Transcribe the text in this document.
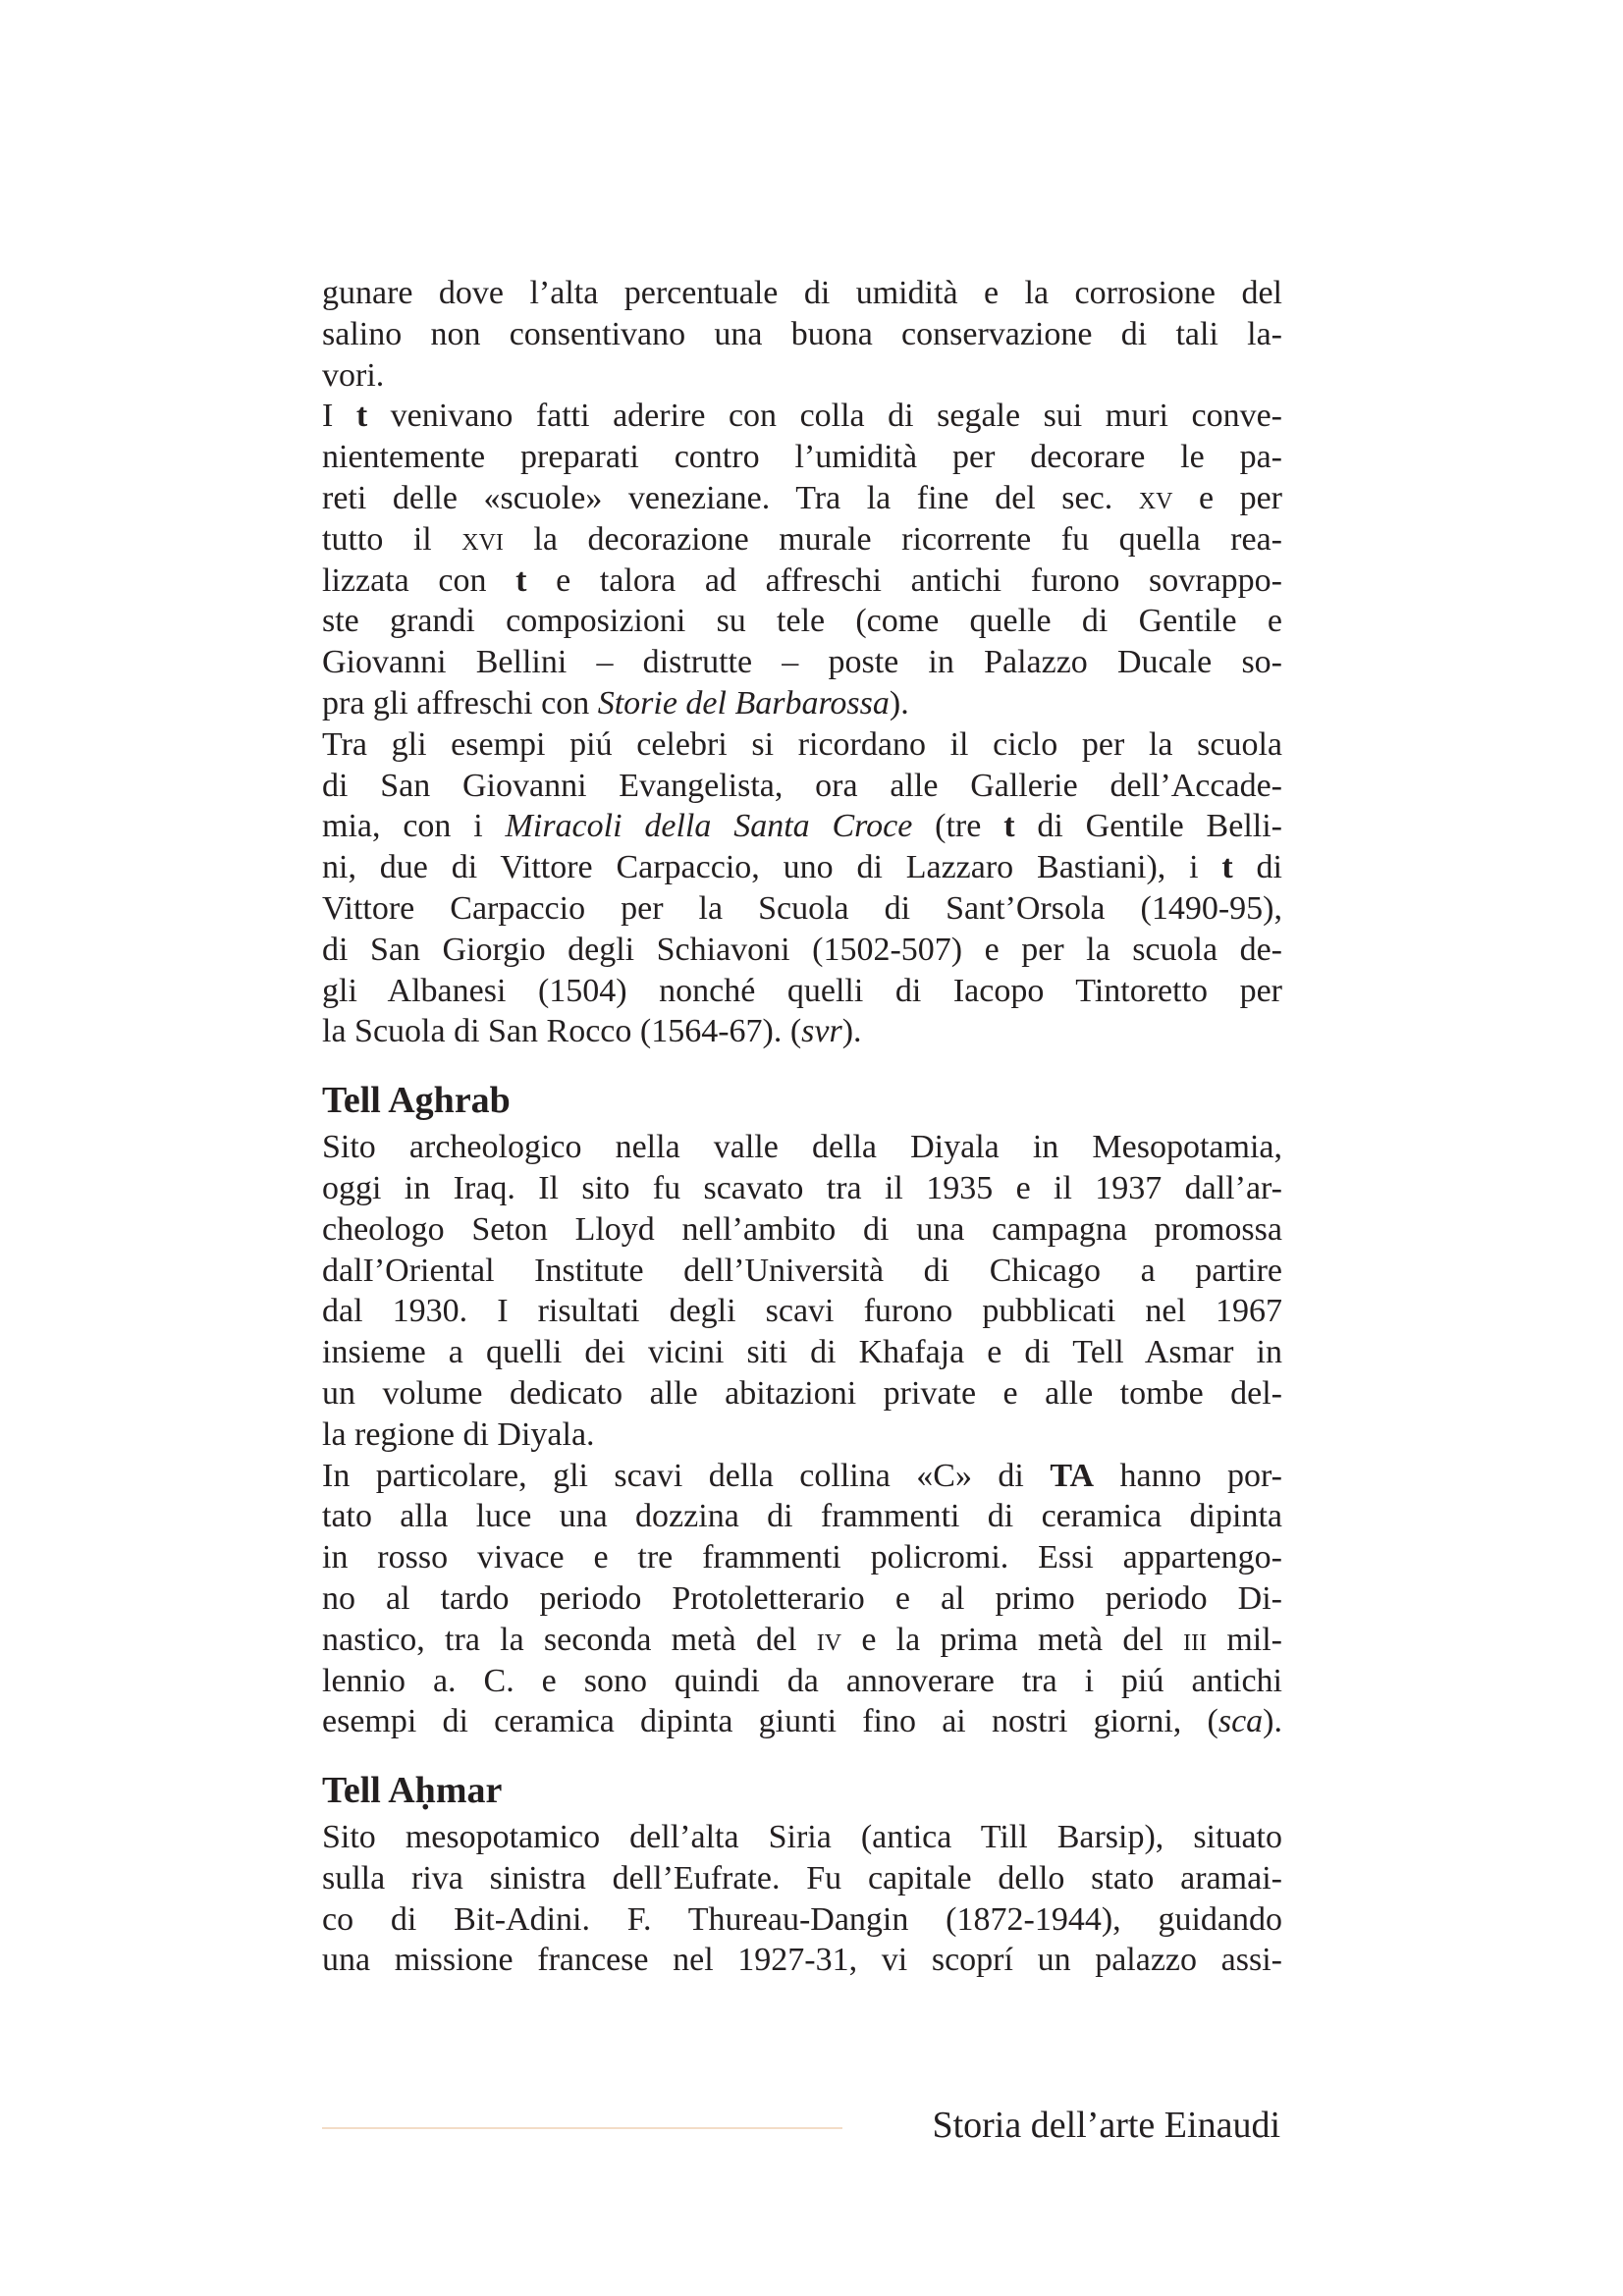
gunare dove l’alta percentuale di umidità e la corrosione del
salino non consentivano una buona conservazione di tali la-
vori.
I t venivano fatti aderire con colla di segale sui muri conve-
nientemente preparati contro l’umidità per decorare le pa-
reti delle «scuole» veneziane. Tra la fine del sec. xv e per
tutto il xvi la decorazione murale ricorrente fu quella rea-
lizzata con t e talora ad affreschi antichi furono sovrappo-
ste grandi composizioni su tele (come quelle di Gentile e
Giovanni Bellini – distrutte – poste in Palazzo Ducale so-
pra gli affreschi con Storie del Barbarossa).
Tra gli esempi piú celebri si ricordano il ciclo per la scuola
di San Giovanni Evangelista, ora alle Gallerie dell’Accade-
mia, con i Miracoli della Santa Croce (tre t di Gentile Belli-
ni, due di Vittore Carpaccio, uno di Lazzaro Bastiani), i t di
Vittore Carpaccio per la Scuola di Sant’Orsola (1490-95),
di San Giorgio degli Schiavoni (1502-507) e per la scuola de-
gli Albanesi (1504) nonché quelli di Iacopo Tintoretto per
la Scuola di San Rocco (1564-67). (svr).
Tell Aghrab
Sito archeologico nella valle della Diyala in Mesopotamia,
oggi in Iraq. Il sito fu scavato tra il 1935 e il 1937 dall’ar-
cheologo Seton Lloyd nell’ambito di una campagna promossa
dalI’Oriental Institute dell’Università di Chicago a partire
dal 1930. I risultati degli scavi furono pubblicati nel 1967
insieme a quelli dei vicini siti di Khafaja e di Tell Asmar in
un volume dedicato alle abitazioni private e alle tombe del-
la regione di Diyala.
In particolare, gli scavi della collina «C» di TA hanno por-
tato alla luce una dozzina di frammenti di ceramica dipinta
in rosso vivace e tre frammenti policromi. Essi appartengo-
no al tardo periodo Protoletterario e al primo periodo Di-
nastico, tra la seconda metà del iv e la prima metà del iii mil-
lennio a. C. e sono quindi da annoverare tra i piú antichi
esempi di ceramica dipinta giunti fino ai nostri giorni, (sca).
Tell Aḥmar
Sito mesopotamico dell’alta Siria (antica Till Barsip), situato
sulla riva sinistra dell’Eufrate. Fu capitale dello stato aramai-
co di Bit-Adini. F. Thureau-Dangin (1872-1944), guidando
una missione francese nel 1927-31, vi scoprí un palazzo assi-
Storia dell’arte Einaudi
